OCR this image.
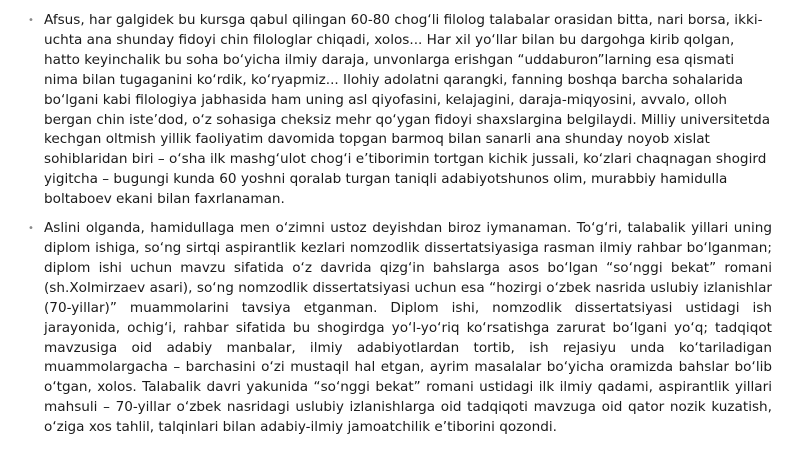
• Afsus, har galgidek bu kursga qabul qilingan 60-80 chog‘li filolog talabalar orasidan bitta, nari borsa, ikki-uchta ana shunday fidoyi chin filologlar chiqadi, xolos... Har xil yo‘llar bilan bu dargohga kirib qolgan, hatto keyinchalik bu soha bo‘yicha ilmiy daraja, unvonlarga erishgan “uddaburon”larning esa qismati nima bilan tugaganini ko‘rdik, ko‘ryapmiz... Ilohiy adolatni qarangki, fanning boshqa barcha sohalarida bo‘lgani kabi filologiya jabhasida ham uning asl qiyofasini, kelajagini, daraja-miqyosini, avvalo, olloh bergan chin iste’dod, o‘z sohasiga cheksiz mehr qo‘ygan fidoyi shaxslargina belgilaydi. Milliy universitetda kechgan oltmish yillik faoliyatim davomida topgan barmoq bilan sanarli ana shunday noyob xislat sohiblaridan biri – o‘sha ilk mashg‘ulot chog‘i e’tiborimin tortgan kichik jussali, ko‘zlari chaqnagan shogird yigitcha – bugungi kunda 60 yoshni qoralab turgan taniqli adabiyotshunos olim, murabbiy hamidulla boltaboev ekani bilan faxrlanaman.

• Aslini olganda, hamidullaga men o‘zimni ustoz deyishdan biroz iymanaman. To‘g‘ri, talabalik yillari uning diplom ishiga, so‘ng sirtqi aspirantlik kezlari nomzodlik dissertatsiyasiga rasman ilmiy rahbar bo‘lganman; diplom ishi uchun mavzu sifatida o‘z davrida qizg‘in bahslarga asos bo‘lgan “so‘nggi bekat” romani (sh.Xolmirzaev asari), so‘ng nomzodlik dissertatsiyasi uchun esa “hozirgi o‘zbek nasrida uslubiy izlanishlar (70-yillar)” muammolarini tavsiya etganman. Diplom ishi, nomzodlik dissertatsiyasi ustidagi ish jarayonida, ochig‘i, rahbar sifatida bu shogirdga yo‘l-yo‘riq ko‘rsatishga zarurat bo‘lgani yo‘q; tadqiqot mavzusiga oid adabiy manbalar, ilmiy adabiyotlardan tortib, ish rejasiyu unda ko‘tariladigan muammolargacha – barchasini o‘zi mustaqil hal etgan, ayrim masalalar bo‘yicha oramizda bahslar bo‘lib o‘tgan, xolos. Talabalik davri yakunida “so‘nggi bekat” romani ustidagi ilk ilmiy qadami, aspirantlik yillari mahsuli – 70-yillar o‘zbek nasridagi uslubiy izlanishlarga oid tadqiqoti mavzuga oid qator nozik kuzatish, o‘ziga xos tahlil, talqinlari bilan adabiy-ilmiy jamoatchilik e’tiborini qozondi.
